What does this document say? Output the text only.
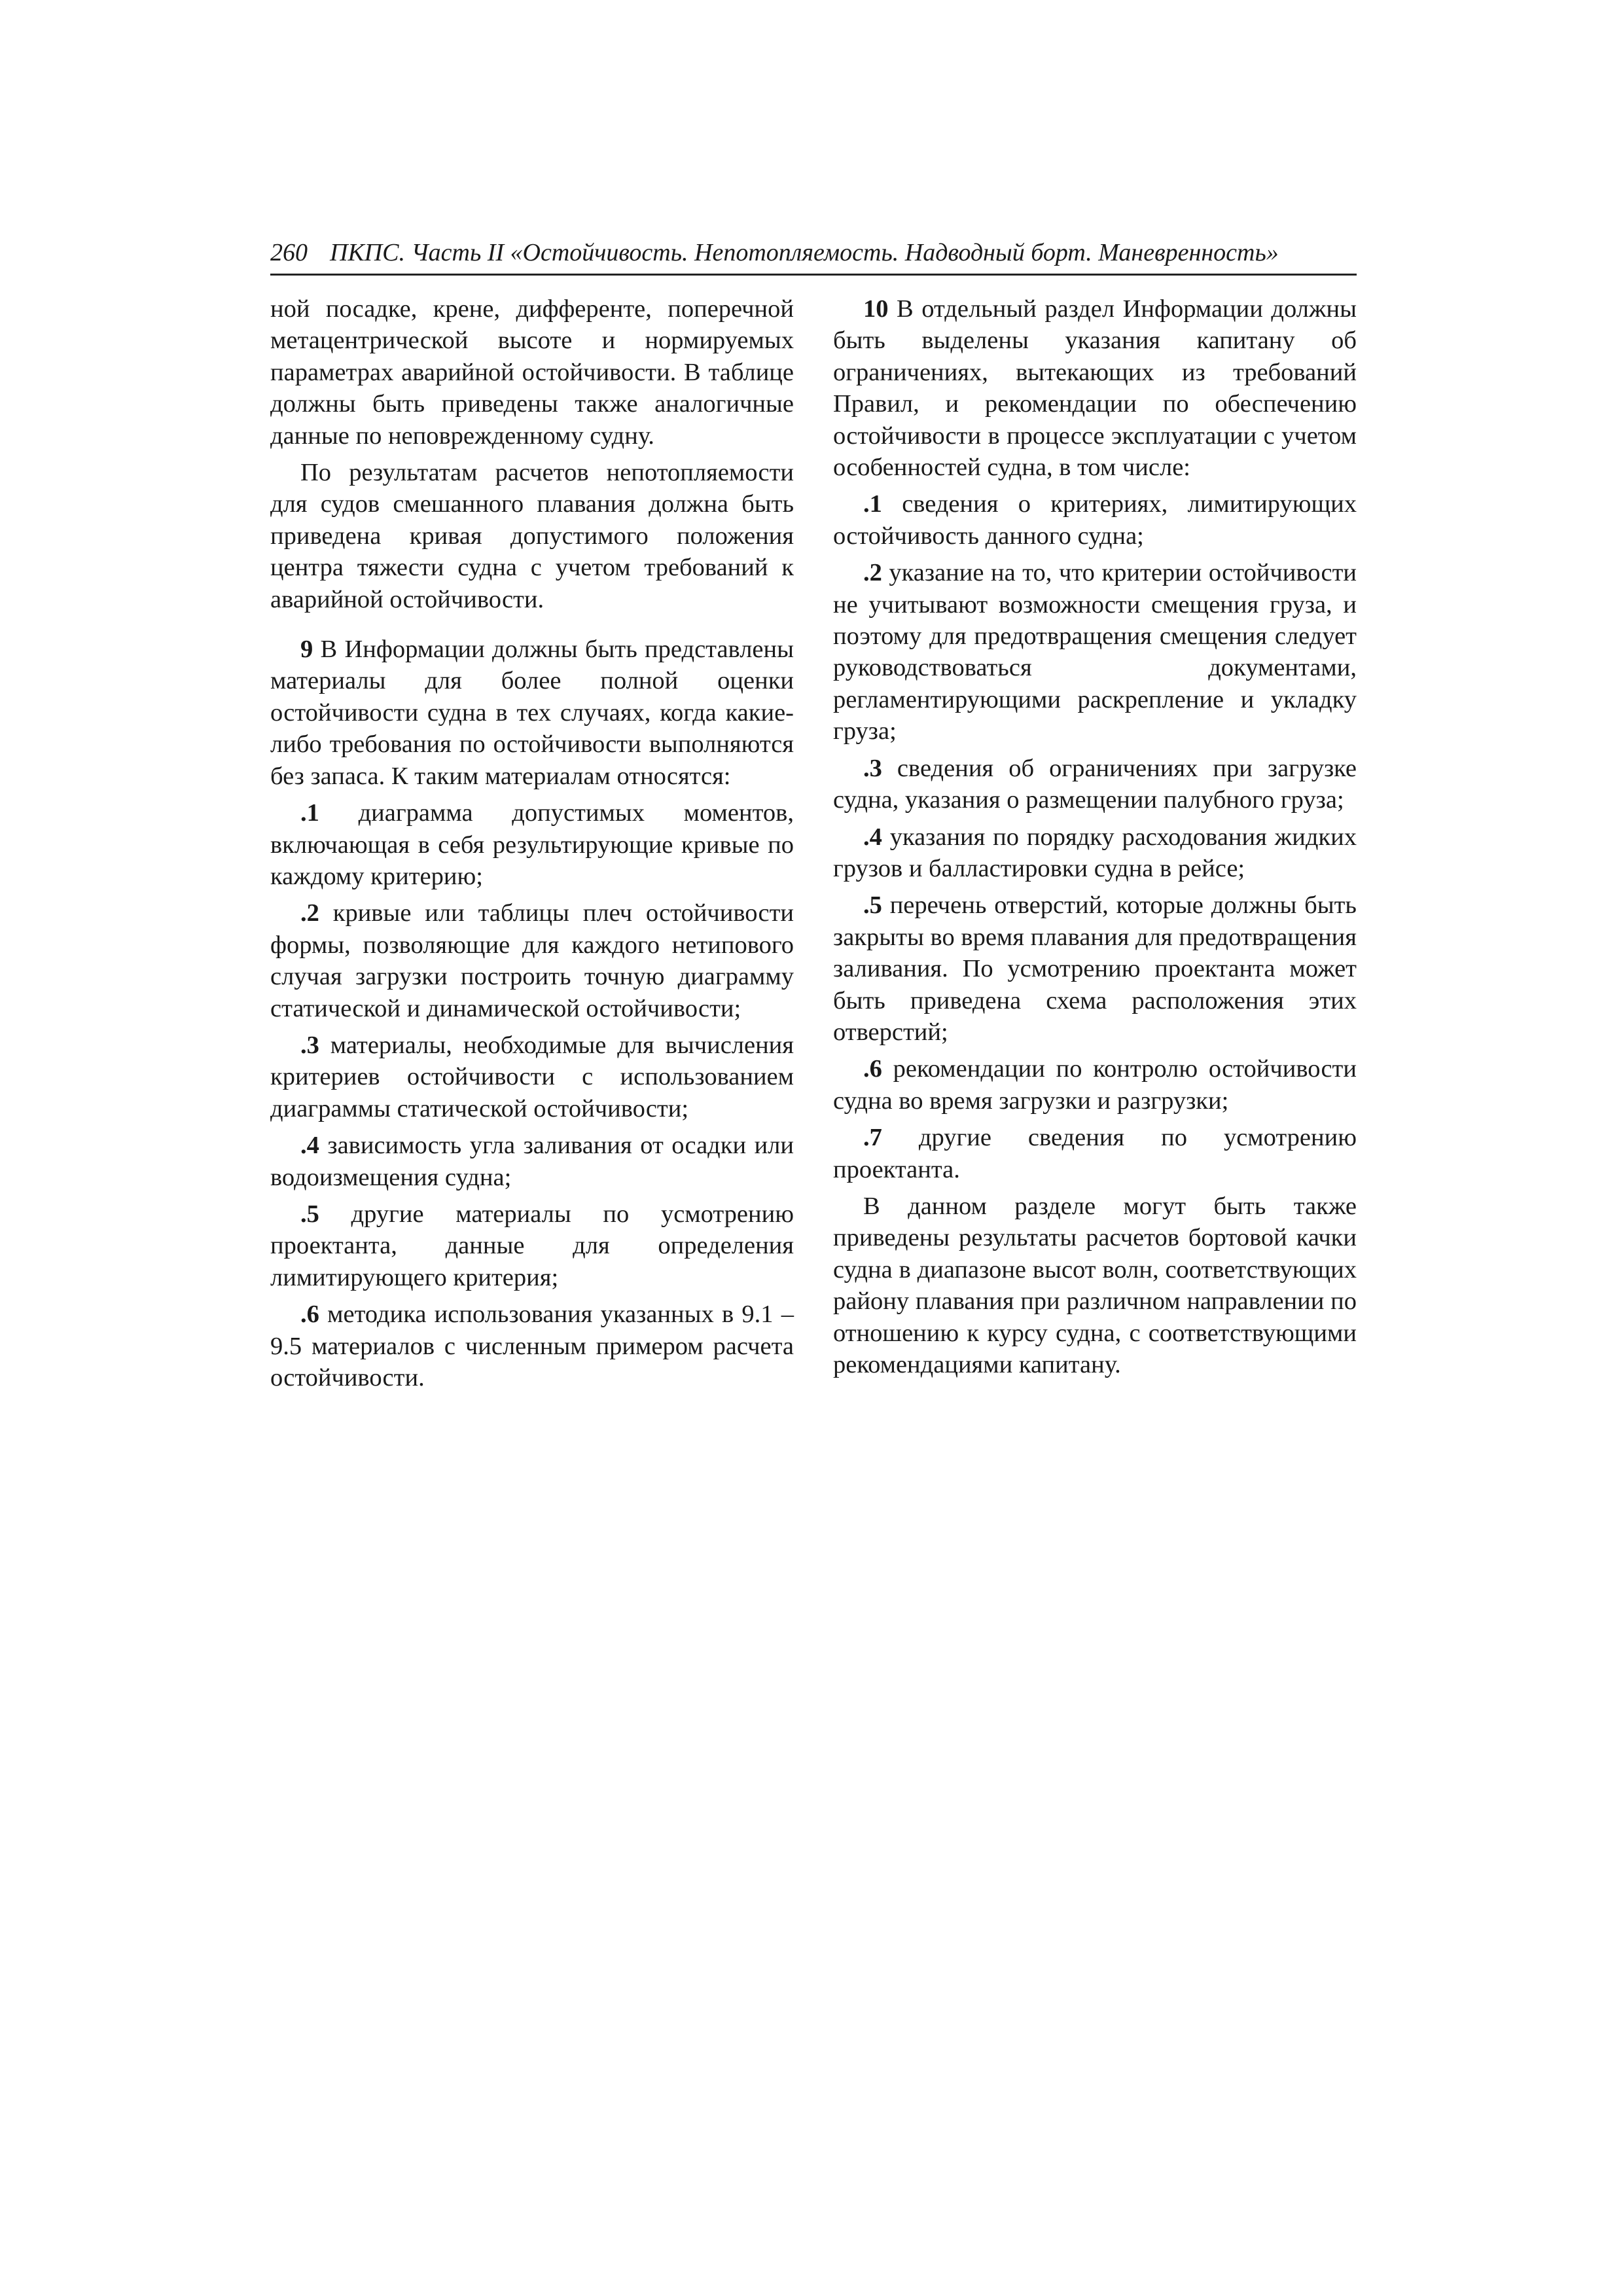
260 ПКПС. Часть II «Остойчивость. Непотопляемость. Надводный борт. Маневренность»

ной посадке, крене, дифференте, поперечной метацентрической высоте и нормируемых параметрах аварийной остойчивости. В таблице должны быть приведены также аналогичные данные по неповрежденному судну.

По результатам расчетов непотопляемости для судов смешанного плавания должна быть приведена кривая допустимого положения центра тяжести судна с учетом требований к аварийной остойчивости.

9 В Информации должны быть представлены материалы для более полной оценки остойчивости судна в тех случаях, когда какие-либо требования по остойчивости выполняются без запаса. К таким материалам относятся:

.1 диаграмма допустимых моментов, включающая в себя результирующие кривые по каждому критерию;

.2 кривые или таблицы плеч остойчивости формы, позволяющие для каждого нетипового случая загрузки построить точную диаграмму статической и динамической остойчивости;

.3 материалы, необходимые для вычисления критериев остойчивости с использованием диаграммы статической остойчивости;

.4 зависимость угла заливания от осадки или водоизмещения судна;

.5 другие материалы по усмотрению проектанта, данные для определения лимитирующего критерия;

.6 методика использования указанных в 9.1 – 9.5 материалов с численным примером расчета остойчивости.

10 В отдельный раздел Информации должны быть выделены указания капитану об ограничениях, вытекающих из требований Правил, и рекомендации по обеспечению остойчивости в процессе эксплуатации с учетом особенностей судна, в том числе:

.1 сведения о критериях, лимитирующих остойчивость данного судна;

.2 указание на то, что критерии остойчивости не учитывают возможности смещения груза, и поэтому для предотвращения смещения следует руководствоваться документами, регламентирующими раскрепление и укладку груза;

.3 сведения об ограничениях при загрузке судна, указания о размещении палубного груза;

.4 указания по порядку расходования жидких грузов и балластировки судна в рейсе;

.5 перечень отверстий, которые должны быть закрыты во время плавания для предотвращения заливания. По усмотрению проектанта может быть приведена схема расположения этих отверстий;

.6 рекомендации по контролю остойчивости судна во время загрузки и разгрузки;

.7 другие сведения по усмотрению проектанта.

В данном разделе могут быть также приведены результаты расчетов бортовой качки судна в диапазоне высот волн, соответствующих району плавания при различном направлении по отношению к курсу судна, с соответствующими рекомендациями капитану.
